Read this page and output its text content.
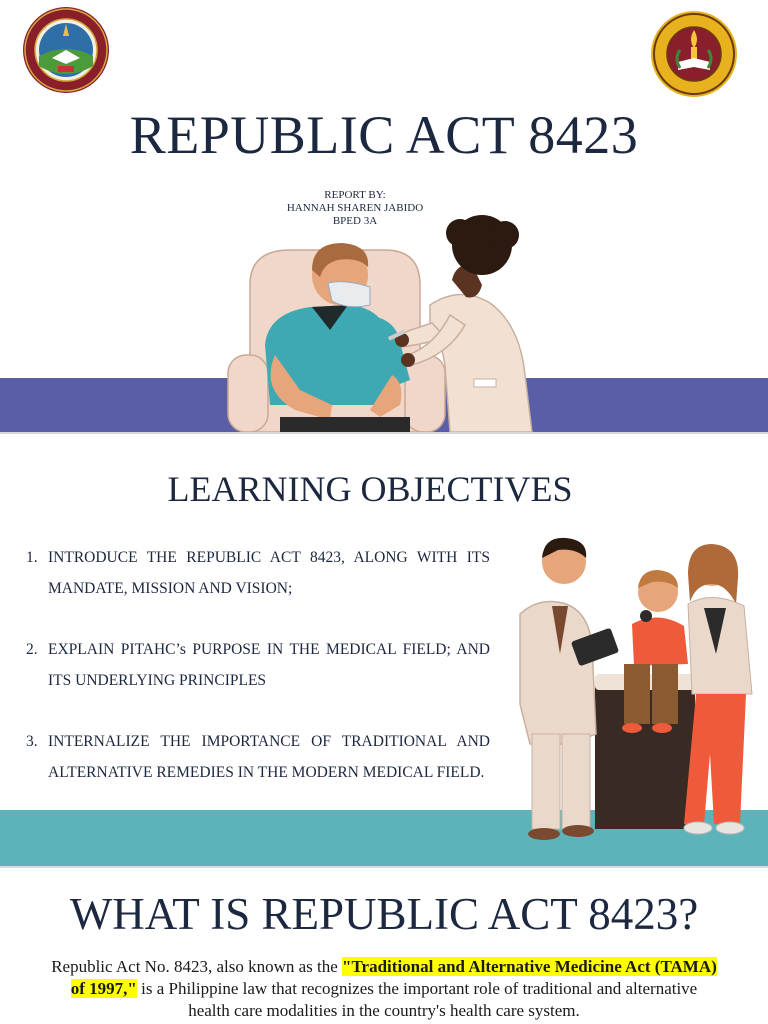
REPUBLIC ACT 8423
REPORT BY:
HANNAH SHAREN JABIDO
BPED 3A
LEARNING OBJECTIVES
1. INTRODUCE THE REPUBLIC ACT 8423, ALONG WITH ITS MANDATE, MISSION AND VISION;
2. EXPLAIN PITAHC’s PURPOSE IN THE MEDICAL FIELD; AND ITS UNDERLYING PRINCIPLES
3. INTERNALIZE THE IMPORTANCE OF TRADITIONAL AND ALTERNATIVE REMEDIES IN THE MODERN MEDICAL FIELD.
WHAT IS REPUBLIC ACT 8423?
Republic Act No. 8423, also known as the "Traditional and Alternative Medicine Act (TAMA) of 1997," is a Philippine law that recognizes the important role of traditional and alternative health care modalities in the country's health care system.
